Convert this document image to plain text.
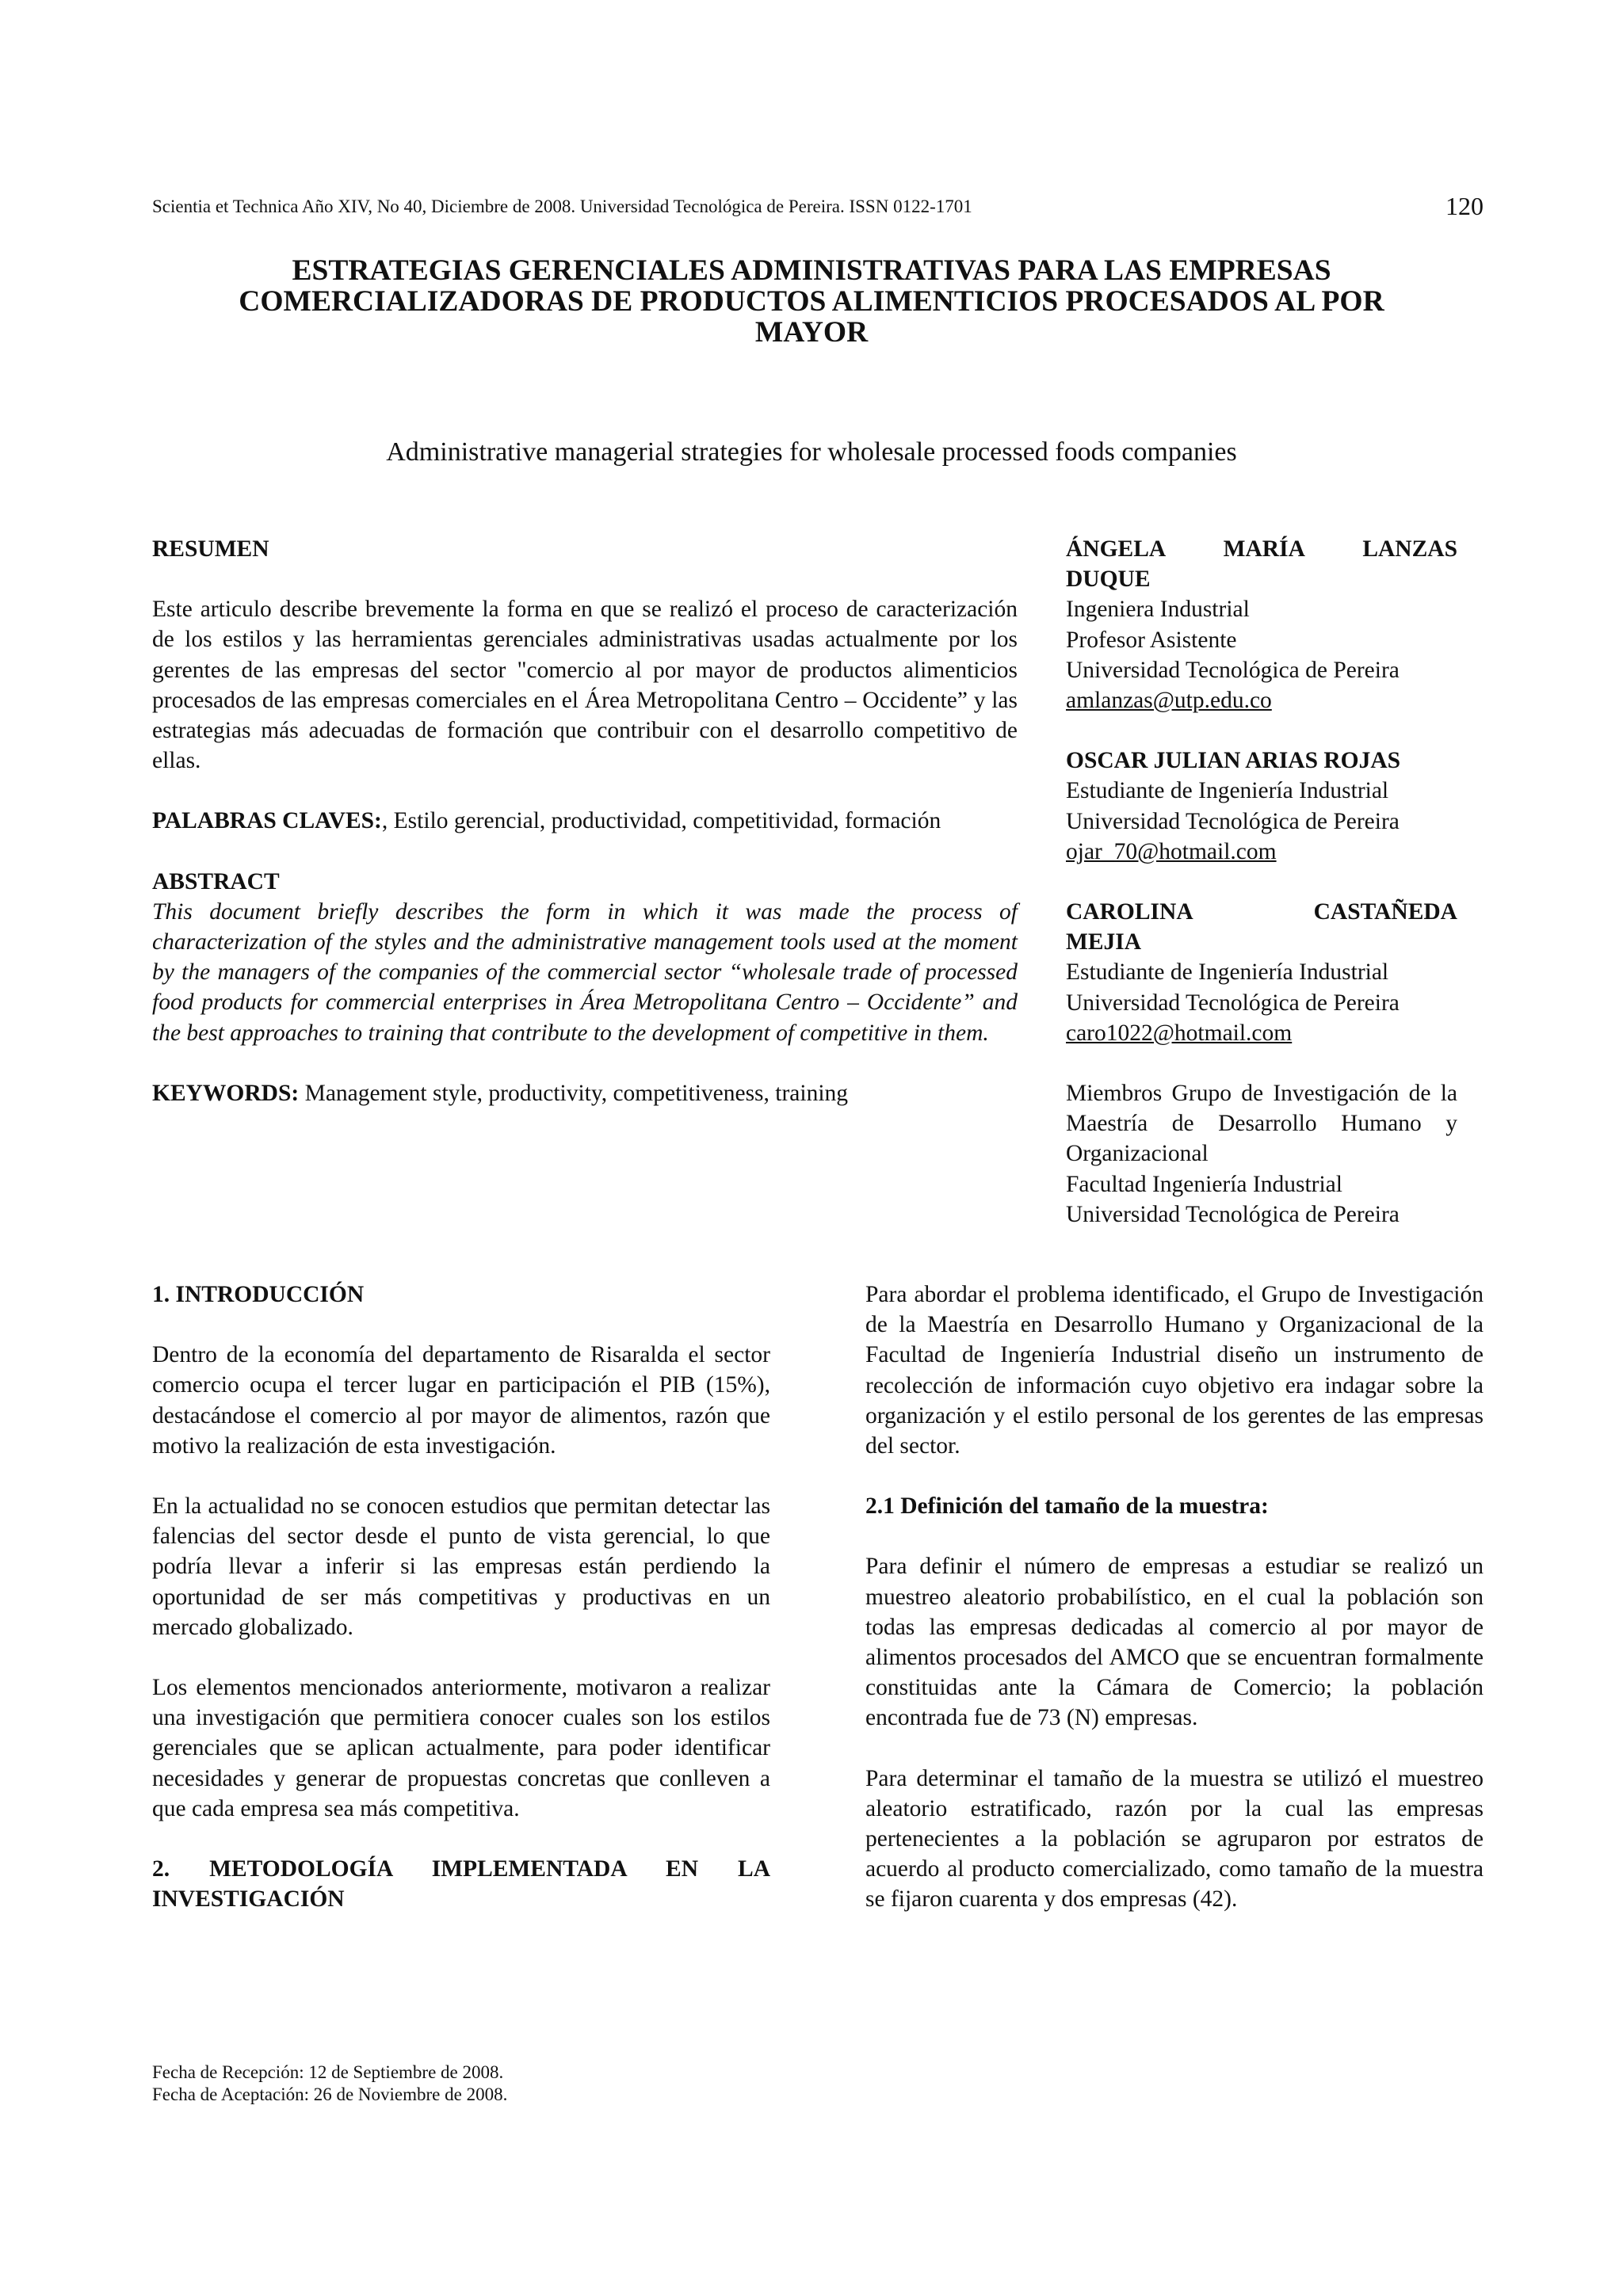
Scientia et Technica Año XIV, No 40, Diciembre de 2008. Universidad Tecnológica de Pereira. ISSN 0122-1701	120
ESTRATEGIAS GERENCIALES ADMINISTRATIVAS PARA LAS EMPRESAS
COMERCIALIZADORAS DE PRODUCTOS ALIMENTICIOS PROCESADOS AL POR
MAYOR
Administrative managerial strategies for wholesale processed foods companies
RESUMEN

Este articulo describe brevemente la forma en que se realizó el proceso de caracterización de los estilos y las herramientas gerenciales administrativas usadas actualmente por los gerentes de las empresas del sector "comercio al por mayor de productos alimenticios procesados de las empresas comerciales en el Área Metropolitana Centro – Occidente” y las estrategias más adecuadas de formación que contribuir con el desarrollo competitivo de ellas.

PALABRAS CLAVES:, Estilo gerencial, productividad, competitividad, formación

ABSTRACT

This document briefly describes the form in which it was made the process of characterization of the styles and the administrative management tools used at the moment by the managers of the companies of the commercial sector “wholesale trade of processed food products for commercial enterprises in Área Metropolitana Centro – Occidente” and the best approaches to training that contribute to the development of competitive in them.

KEYWORDS: Management style, productivity, competitiveness, training

ÁNGELA MARÍA LANZAS
DUQUE
Ingeniera Industrial
Profesor Asistente
Universidad Tecnológica de Pereira
amlanzas@utp.edu.co
OSCAR JULIAN ARIAS ROJAS
Estudiante de Ingeniería Industrial
Universidad Tecnológica de Pereira
ojar_70@hotmail.com
CAROLINA	CASTAÑEDA
MEJIA
Estudiante de Ingeniería Industrial
Universidad Tecnológica de Pereira
caro1022@hotmail.com

Miembros Grupo de Investigación de la Maestría de Desarrollo Humano y Organizacional

Facultad Ingeniería Industrial
Universidad Tecnológica de Pereira
1. INTRODUCCIÓN

Dentro de la economía del departamento de Risaralda el sector comercio ocupa el tercer lugar en participación el PIB (15%), destacándose el comercio al por mayor de alimentos, razón que motivo la realización de esta investigación.

En la actualidad no se conocen estudios que permitan detectar las falencias del sector desde el punto de vista gerencial, lo que podría llevar a inferir si las empresas están perdiendo la oportunidad de ser más competitivas y productivas en un mercado globalizado.

Los elementos mencionados anteriormente, motivaron a realizar una investigación que permitiera conocer cuales son los estilos gerenciales que se aplican actualmente, para poder identificar necesidades y generar de propuestas concretas que conlleven a que cada empresa sea más competitiva.

2. METODOLOGÍA IMPLEMENTADA EN LA INVESTIGACIÓN

Para abordar el problema identificado, el Grupo de Investigación de la Maestría en Desarrollo Humano y Organizacional de la Facultad de Ingeniería Industrial diseño un instrumento de recolección de información cuyo objetivo era indagar sobre la organización y el estilo personal de los gerentes de las empresas del sector.

2.1 Definición del tamaño de la muestra:

Para definir el número de empresas a estudiar se realizó un muestreo aleatorio probabilístico, en el cual la población son todas las empresas dedicadas al comercio al por mayor de alimentos procesados del AMCO que se encuentran formalmente constituidas ante la Cámara de Comercio; la población encontrada fue de 73 (N) empresas.

Para determinar el tamaño de la muestra se utilizó el muestreo aleatorio estratificado, razón por la cual las empresas pertenecientes a la población se agruparon por estratos de acuerdo al producto comercializado, como tamaño de la muestra se fijaron cuarenta y dos empresas (42).

Fecha de Recepción: 12 de Septiembre de 2008.
Fecha de Aceptación: 26 de Noviembre de 2008.
